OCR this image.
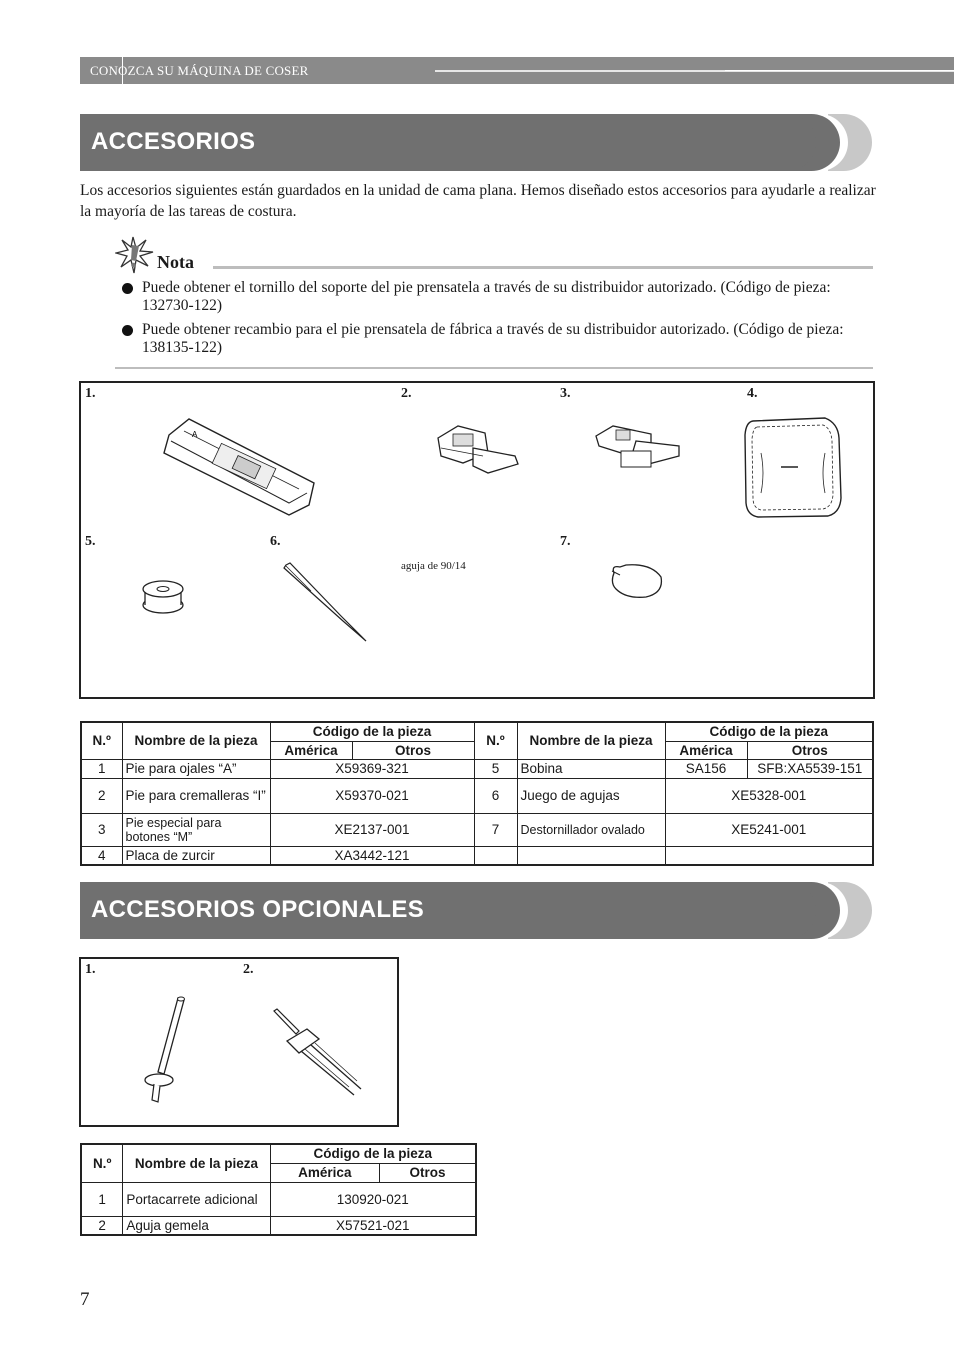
CONOZCA SU MÁQUINA DE COSER
ACCESORIOS

Los accesorios siguientes están guardados en la unidad de cama plana. Hemos diseñado estos accesorios para ayudarle a realizar la mayoría de las tareas de costura.

Nota
Puede obtener el tornillo del soporte del pie prensatela a través de su distribuidor autorizado. (Código de pieza: 132730-122)
Puede obtener recambio para el pie prensatela de fábrica a través de su distribuidor autorizado. (Código de pieza: 138135-122)
1.	2.	3.	4.
5.	6.	7.
aguja de 90/14
A
N.º	Nombre de la pieza	Código de la pieza		N.º	Nombre de la pieza	Código de la pieza	
		América	Otros			América	Otros
1	Pie para ojales “A”	X59369-321		5	Bobina	SA156	SFB:XA5539-151
2	Pie para cremalleras “I”	X59370-021		6	Juego de agujas	XE5328-001	
3	Pie especial para botones “M”	XE2137-001		7	Destornillador ovalado	XE5241-001	
4	Placa de zurcir	XA3442-121					
ACCESORIOS OPCIONALES
1.	2.
N.º	Nombre de la pieza	Código de la pieza	
		América	Otros
1	Portacarrete adicional	130920-021	
2	Aguja gemela	X57521-021	
7
